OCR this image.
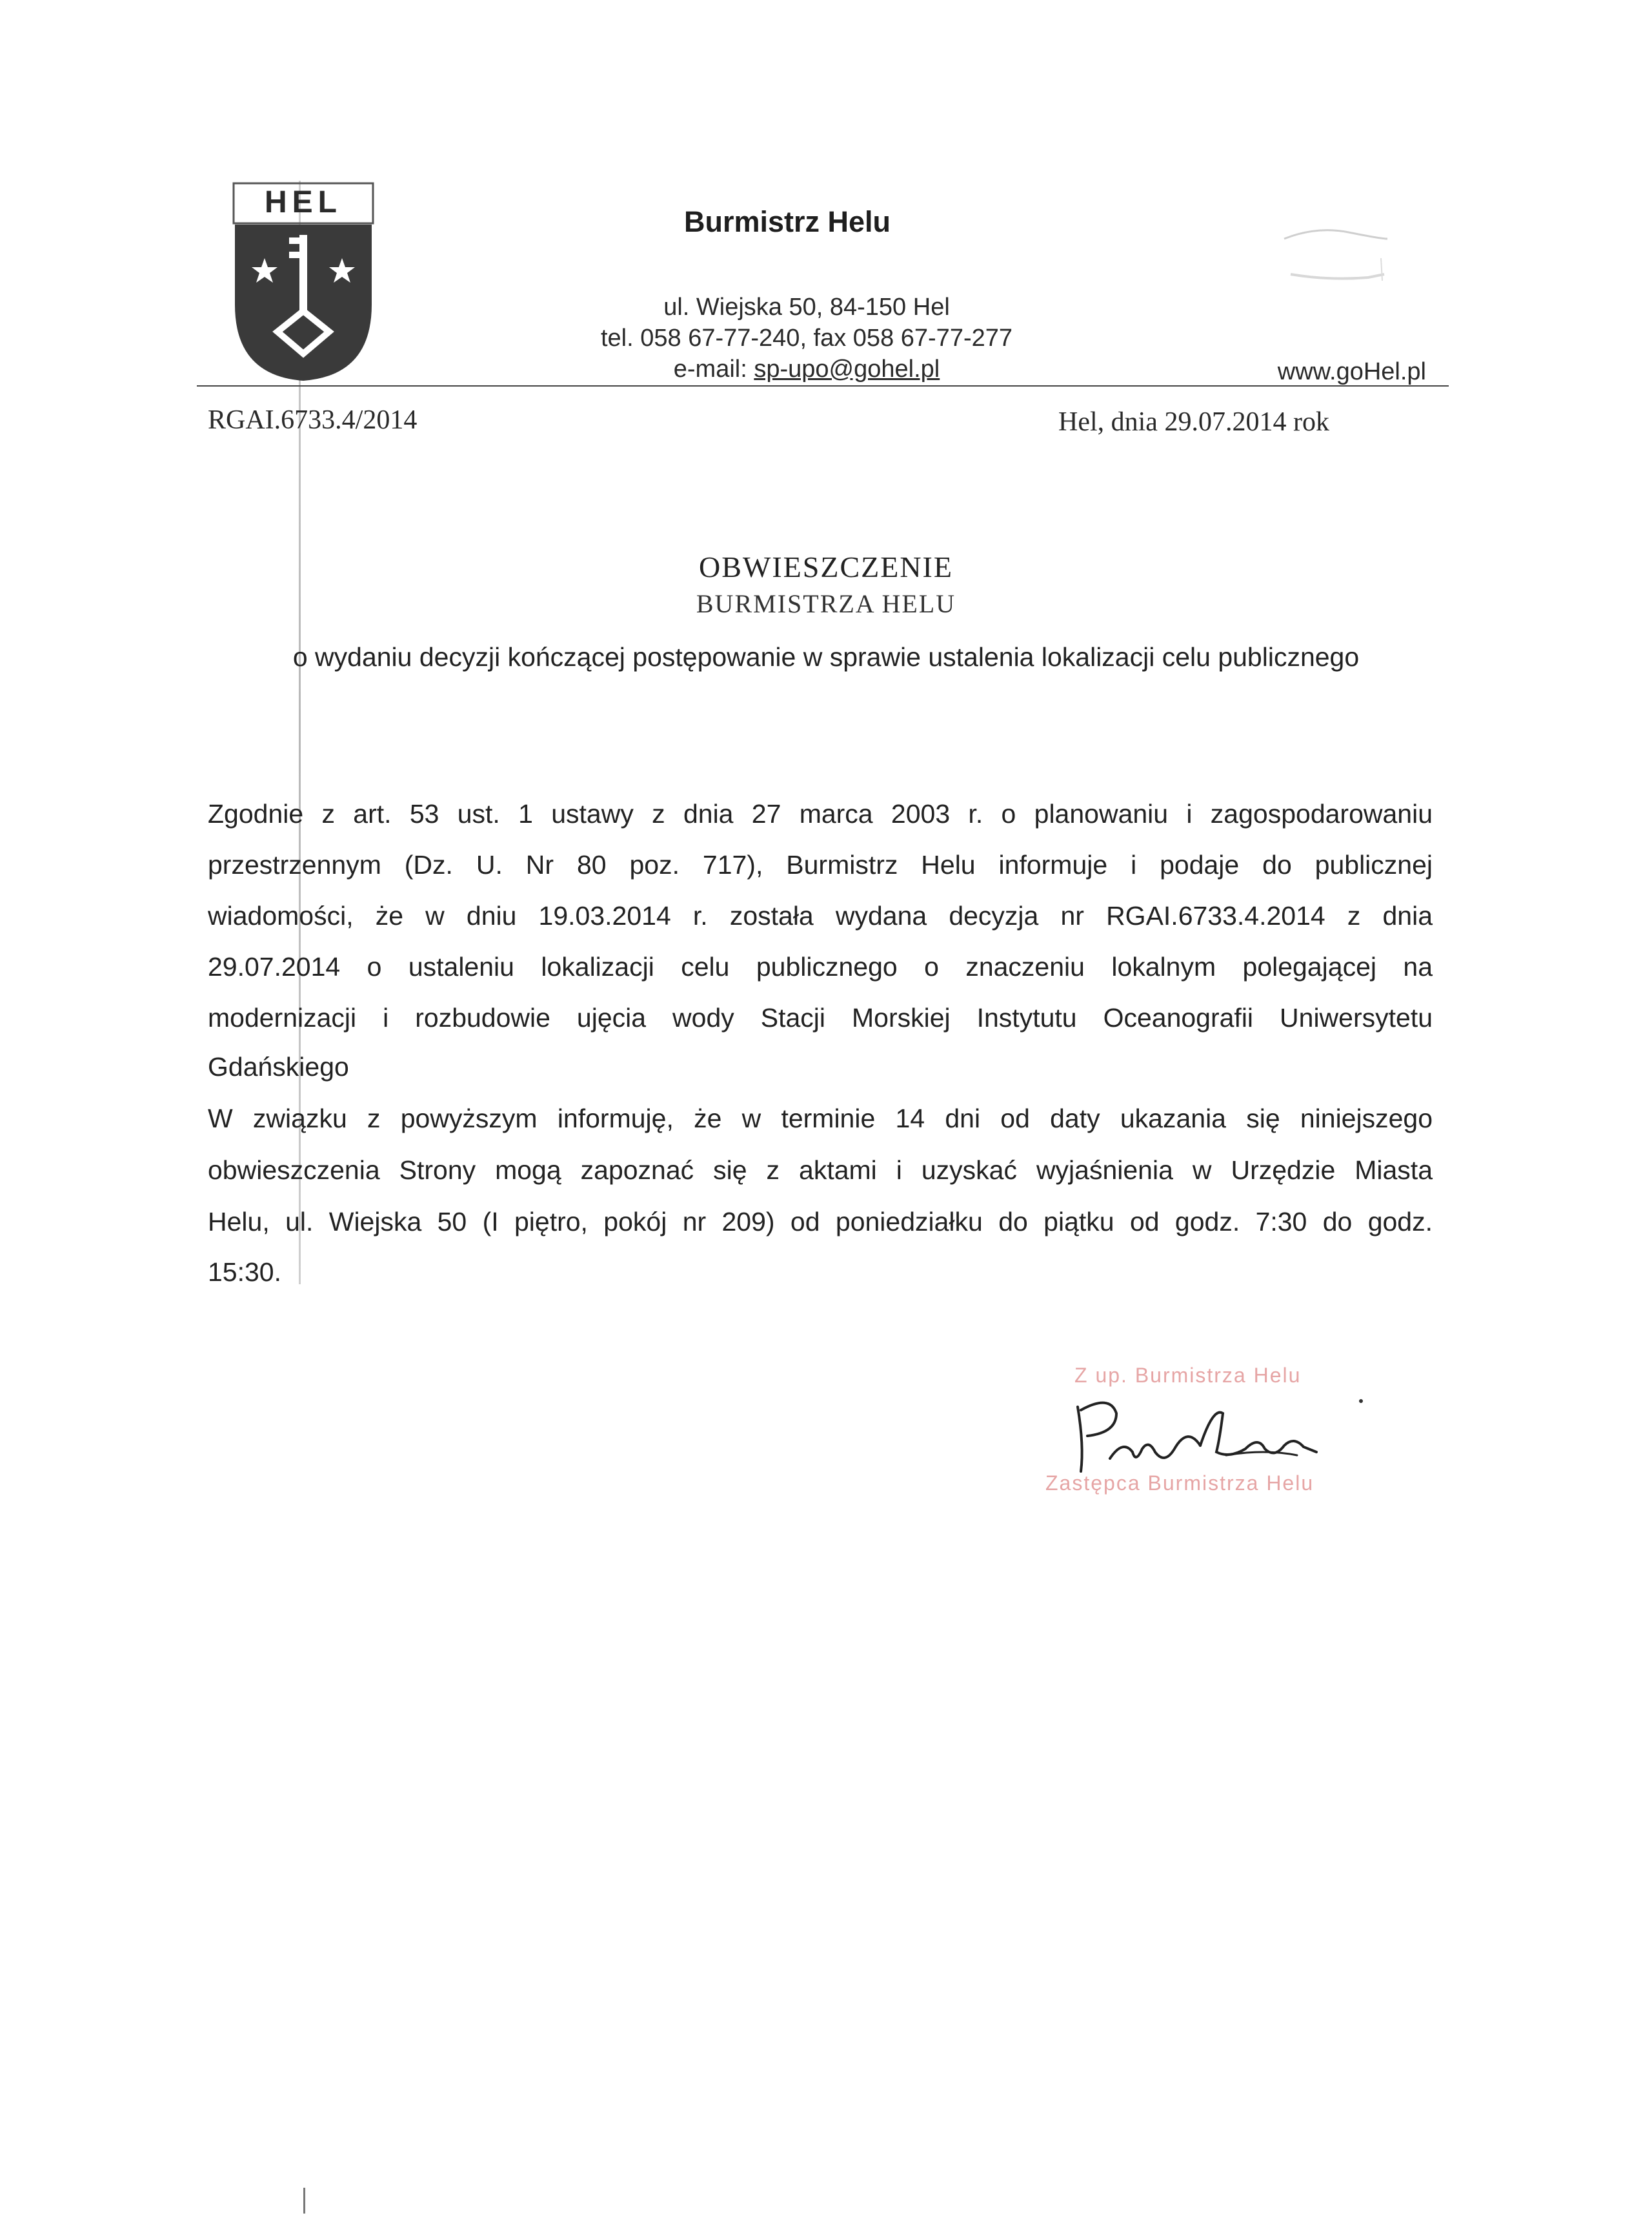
HEL
Burmistrz Helu
ul. Wiejska 50, 84-150 Hel
tel. 058 67-77-240, fax 058 67-77-277
e-mail: sp-upo@gohel.pl	www.goHel.pl
RGAI.6733.4/2014	Hel, dnia 29.07.2014 rok
OBWIESZCZENIE
BURMISTRZA HELU
o wydaniu decyzji kończącej postępowanie w sprawie ustalenia lokalizacji celu publicznego
Zgodnie z art. 53 ust. 1 ustawy z dnia 27 marca 2003 r. o planowaniu i zagospodarowaniu
przestrzennym (Dz. U. Nr 80 poz. 717), Burmistrz Helu informuje i podaje do publicznej
wiadomości, że w dniu 19.03.2014 r. została wydana decyzja nr RGAI.6733.4.2014 z dnia
29.07.2014 o ustaleniu lokalizacji celu publicznego o znaczeniu lokalnym polegającej na
modernizacji i rozbudowie ujęcia wody Stacji Morskiej Instytutu Oceanografii Uniwersytetu
Gdańskiego
W związku z powyższym informuję, że w terminie 14 dni od daty ukazania się niniejszego
obwieszczenia Strony mogą zapoznać się z aktami i uzyskać wyjaśnienia w Urzędzie Miasta
Helu, ul. Wiejska 50 (I piętro, pokój nr 209) od poniedziałku do piątku od godz. 7:30 do godz.
15:30.
Z up. Burmistrza Helu
Zastępca Burmistrza Helu
